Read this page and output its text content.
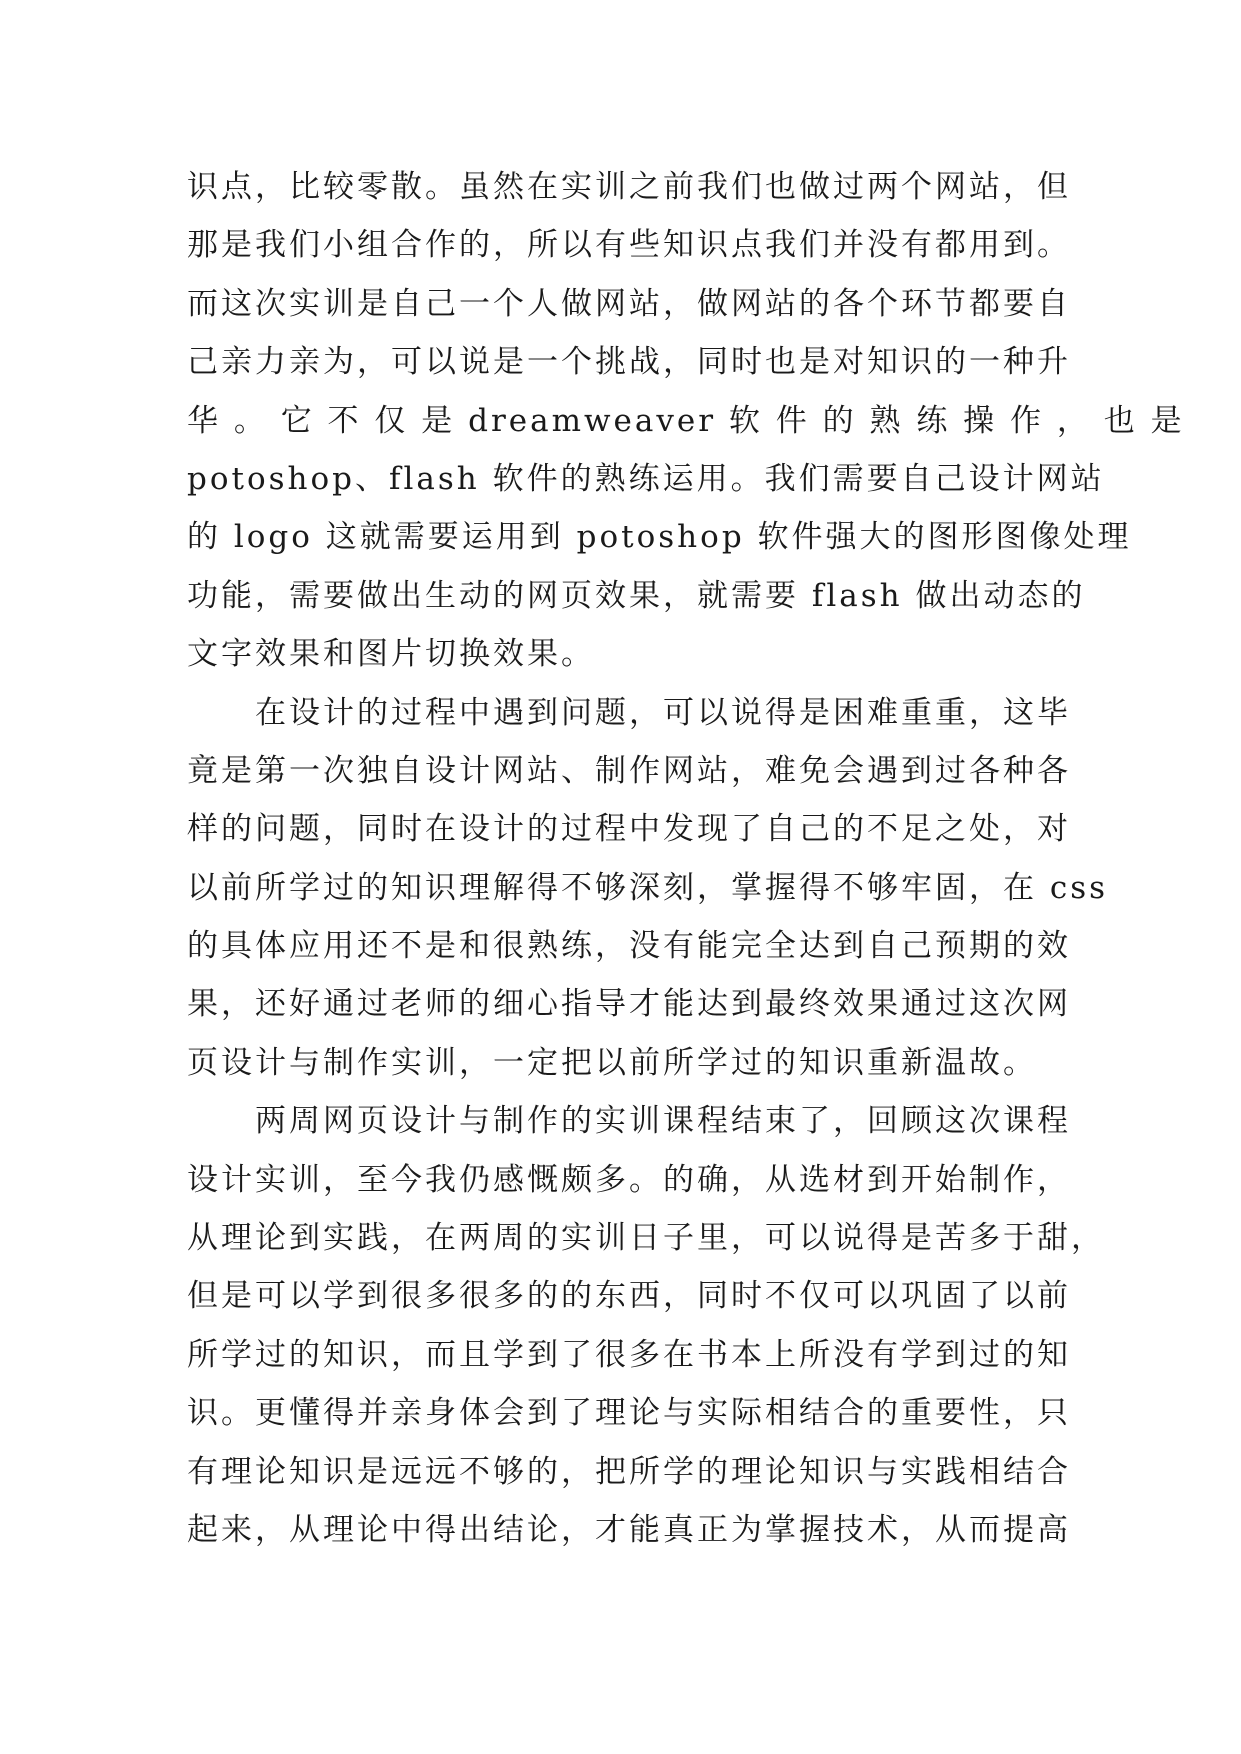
识点，比较零散。虽然在实训之前我们也做过两个网站，但
那是我们小组合作的，所以有些知识点我们并没有都用到。
而这次实训是自己一个人做网站，做网站的各个环节都要自
己亲力亲为，可以说是一个挑战，同时也是对知识的一种升
华 。 它 不 仅 是 dreamweaver 软 件 的 熟 练 操 作 ， 也 是
potoshop、flash 软件的熟练运用。我们需要自己设计网站
的 logo 这就需要运用到 potoshop 软件强大的图形图像处理
功能，需要做出生动的网页效果，就需要 flash 做出动态的
文字效果和图片切换效果。
在设计的过程中遇到问题，可以说得是困难重重，这毕
竟是第一次独自设计网站、制作网站，难免会遇到过各种各
样的问题，同时在设计的过程中发现了自己的不足之处，对
以前所学过的知识理解得不够深刻，掌握得不够牢固，在 css
的具体应用还不是和很熟练，没有能完全达到自己预期的效
果，还好通过老师的细心指导才能达到最终效果通过这次网
页设计与制作实训，一定把以前所学过的知识重新温故。
两周网页设计与制作的实训课程结束了，回顾这次课程
设计实训，至今我仍感慨颇多。的确，从选材到开始制作，
从理论到实践，在两周的实训日子里，可以说得是苦多于甜，
但是可以学到很多很多的的东西，同时不仅可以巩固了以前
所学过的知识，而且学到了很多在书本上所没有学到过的知
识。更懂得并亲身体会到了理论与实际相结合的重要性，只
有理论知识是远远不够的，把所学的理论知识与实践相结合
起来，从理论中得出结论，才能真正为掌握技术，从而提高
